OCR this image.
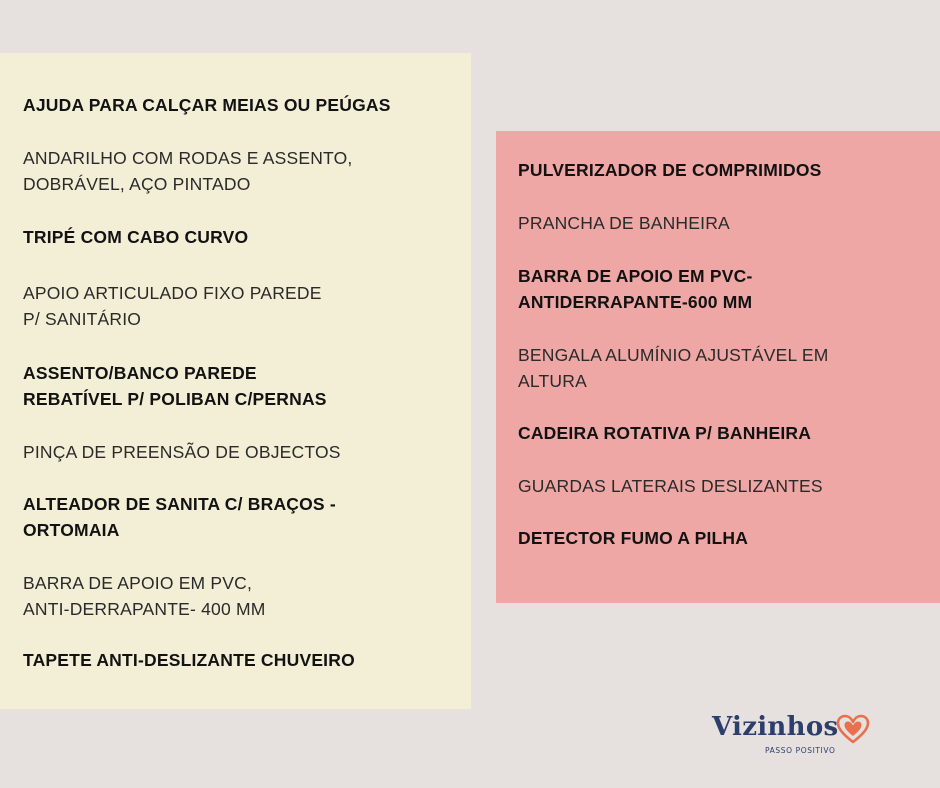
AJUDA PARA CALÇAR MEIAS OU PEÚGAS

ANDARILHO COM RODAS E ASSENTO,
DOBRÁVEL, AÇO PINTADO

TRIPÉ COM CABO CURVO

APOIO ARTICULADO FIXO PAREDE
P/ SANITÁRIO

ASSENTO/BANCO PAREDE
REBATÍVEL P/ POLIBAN C/PERNAS

PINÇA DE PREENSÃO DE OBJECTOS

ALTEADOR DE SANITA C/ BRAÇOS -
ORTOMAIA

BARRA DE APOIO EM PVC,
ANTI-DERRAPANTE- 400 MM

TAPETE ANTI-DESLIZANTE CHUVEIRO

PULVERIZADOR DE COMPRIMIDOS

PRANCHA DE BANHEIRA

BARRA DE APOIO EM PVC-
ANTIDERRAPANTE-600 MM

BENGALA ALUMÍNIO AJUSTÁVEL EM
ALTURA

CADEIRA ROTATIVA P/ BANHEIRA

GUARDAS LATERAIS DESLIZANTES

DETECTOR FUMO A PILHA

Vizinhos
PASSO POSITIVO
